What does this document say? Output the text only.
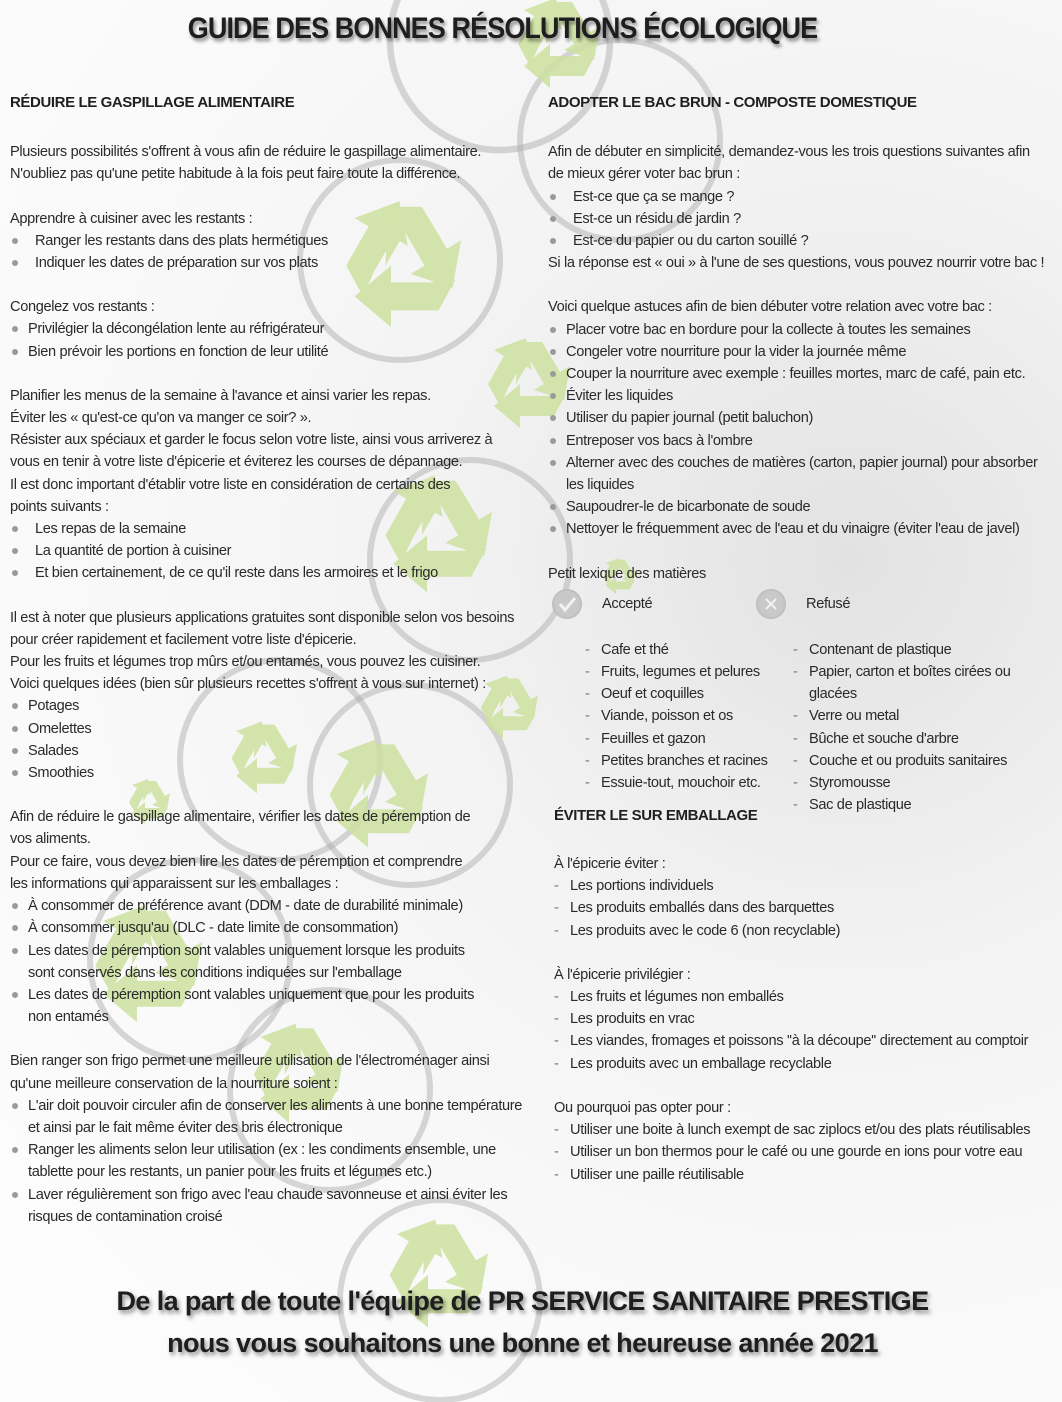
GUIDE DES BONNES RÉSOLUTIONS ÉCOLOGIQUE
RÉDUIRE LE GASPILLAGE ALIMENTAIRE

Plusieurs possibilités s'offrent à vous afin de réduire le gaspillage alimentaire.

N'oubliez pas qu'une petite habitude à la fois peut faire toute la différence.

Apprendre à cuisiner avec les restants :

Ranger les restants dans des plats hermétiques
Indiquer les dates de préparation sur vos plats

Congelez vos restants :

Privilégier la décongélation lente au réfrigérateur
Bien prévoir les portions en fonction de leur utilité

Planifier les menus de la semaine à l'avance et ainsi varier les repas.

Éviter les « qu'est-ce qu'on va manger ce soir? ».

Résister aux spéciaux et garder le focus selon votre liste, ainsi vous arriverez à vous en tenir à votre liste d'épicerie et éviterez les courses de dépannage.

Il est donc important d'établir votre liste en considération de certains des points suivants :

Les repas de la semaine
La quantité de portion à cuisiner
Et bien certainement, de ce qu'il reste dans les armoires et le frigo

Il est à noter que plusieurs applications gratuites sont disponible selon vos besoins pour créer rapidement et facilement votre liste d'épicerie.

Pour les fruits et légumes trop mûrs et/ou entamés, vous pouvez les cuisiner.

Voici quelques idées (bien sûr plusieurs recettes s'offrent à vous sur internet) :

Potages
Omelettes
Salades
Smoothies

Afin de réduire le gaspillage alimentaire, vérifier les dates de péremption de vos aliments.

Pour ce faire, vous devez bien lire les dates de péremption et comprendre les informations qui apparaissent sur les emballages :

À consommer de préférence avant (DDM - date de durabilité minimale)
À consommer jusqu'au (DLC - date limite de consommation)
Les dates de péremption sont valables uniquement lorsque les produits sont conservés dans les conditions indiquées sur l'emballage
Les dates de péremption sont valables uniquement que pour les produits non entamés

Bien ranger son frigo permet une meilleure utilisation de l'électroménager ainsi qu'une meilleure conservation de la nourriture soient :

L'air doit pouvoir circuler afin de conserver les aliments à une bonne température et ainsi par le fait même éviter des bris électronique
Ranger les aliments selon leur utilisation (ex : les condiments ensemble, une tablette pour les restants, un panier pour les fruits et légumes etc.)
Laver régulièrement son frigo avec l'eau chaude savonneuse et ainsi éviter les risques de contamination croisé
ADOPTER LE BAC BRUN - COMPOSTE DOMESTIQUE

Afin de débuter en simplicité, demandez-vous les trois questions suivantes afin de mieux gérer voter bac brun :

Est-ce que ça se mange ?
Est-ce un résidu de jardin ?
Est-ce du papier ou du carton souillé ?

Si la réponse est « oui » à l'une de ses questions, vous pouvez nourrir votre bac !

Voici quelque astuces afin de bien débuter votre relation avec votre bac :

Placer votre bac en bordure pour la collecte à toutes les semaines
Congeler votre nourriture pour la vider la journée même
Couper la nourriture avec exemple : feuilles mortes, marc de café, pain etc.
Éviter les liquides
Utiliser du papier journal (petit baluchon)
Entreposer vos bacs à l'ombre
Alterner avec des couches de matières (carton, papier journal) pour absorber les liquides
Saupoudrer-le de bicarbonate de soude
Nettoyer le fréquemment avec de l'eau et du vinaigre (éviter l'eau de javel)

Petit lexique des matières

Accepté	Refusé
- Cafe et thé
- Fruits, legumes et pelures
- Oeuf et coquilles
- Viande, poisson et os
- Feuilles et gazon
- Petites branches et racines
- Essuie-tout, mouchoir etc.
- Contenant de plastique
- Papier, carton et boîtes cirées ou glacées
- Verre ou metal
- Bûche et souche d'arbre
- Couche et ou produits sanitaires
- Styromousse
- Sac de plastique
ÉVITER LE SUR EMBALLAGE

À l'épicerie éviter :

- Les portions individuels
- Les produits emballés dans des barquettes
- Les produits avec le code 6 (non recyclable)

À l'épicerie privilégier :

- Les fruits et légumes non emballés
- Les produits en vrac
- Les viandes, fromages et poissons ''à la découpe'' directement au comptoir
- Les produits avec un emballage recyclable

Ou pourquoi pas opter pour :

- Utiliser une boite à lunch exempt de sac ziplocs et/ou des plats réutilisables
- Utiliser un bon thermos pour le café ou une gourde en ions pour votre eau
- Utiliser une paille réutilisable
De la part de toute l'équipe de PR SERVICE SANITAIRE PRESTIGE
nous vous souhaitons une bonne et heureuse année 2021
